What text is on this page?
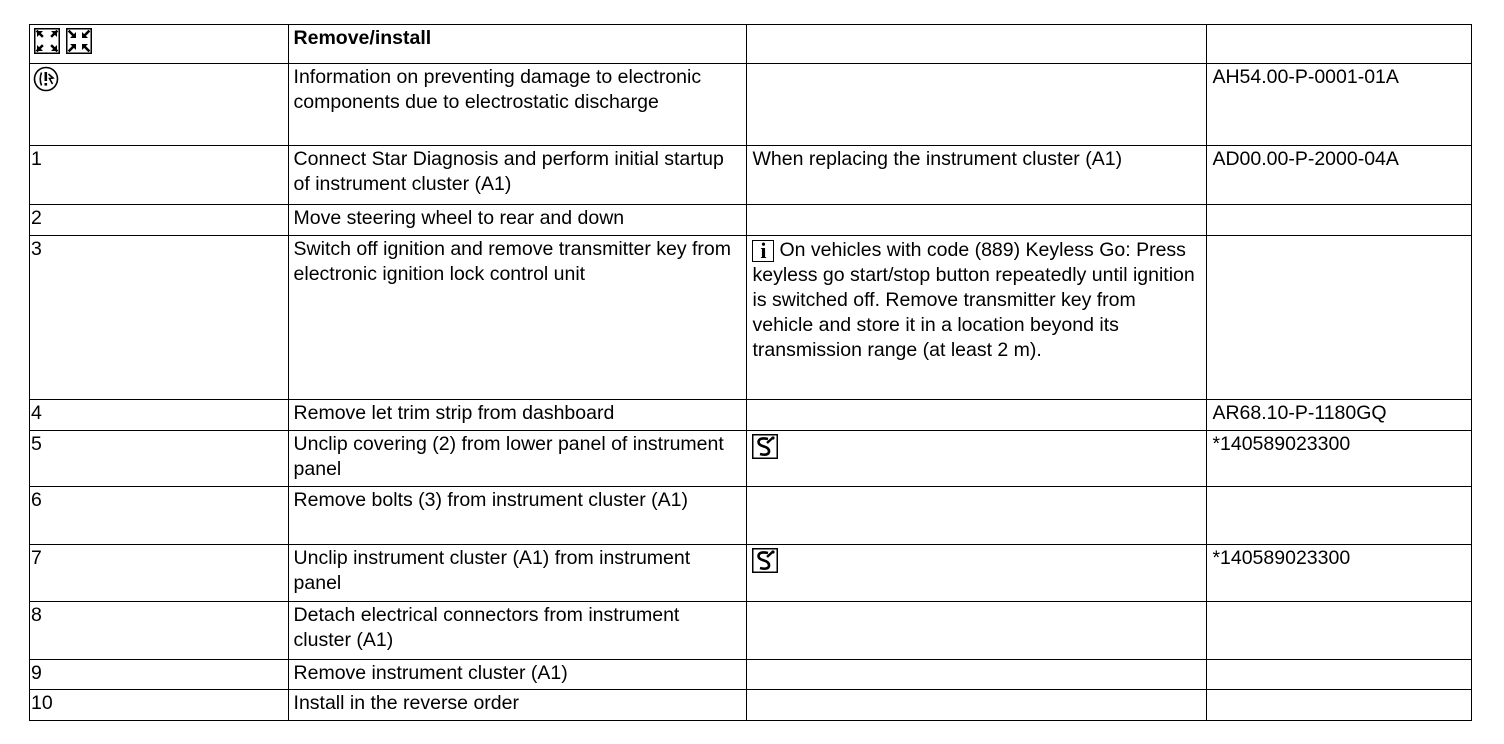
	Remove/install		
	Information on preventing damage to electronic components due to electrostatic discharge		AH54.00-P-0001-01A
1	Connect Star Diagnosis and perform initial startup of instrument cluster (A1)	When replacing the instrument cluster (A1)	AD00.00-P-2000-04A
2	Move steering wheel to rear and down		
3	Switch off ignition and remove transmitter key from electronic ignition lock control unit	i On vehicles with code (889) Keyless Go: Press keyless go start/stop button repeatedly until ignition is switched off. Remove transmitter key from vehicle and store it in a location beyond its transmission range (at least 2 m).	
4	Remove let trim strip from dashboard		AR68.10-P-1180GQ
5	Unclip covering (2) from lower panel of instrument panel		*140589023300
6	Remove bolts (3) from instrument cluster (A1)		
7	Unclip instrument cluster (A1) from instrument panel		*140589023300
8	Detach electrical connectors from instrument cluster (A1)		
9	Remove instrument cluster (A1)		
10	Install in the reverse order		
